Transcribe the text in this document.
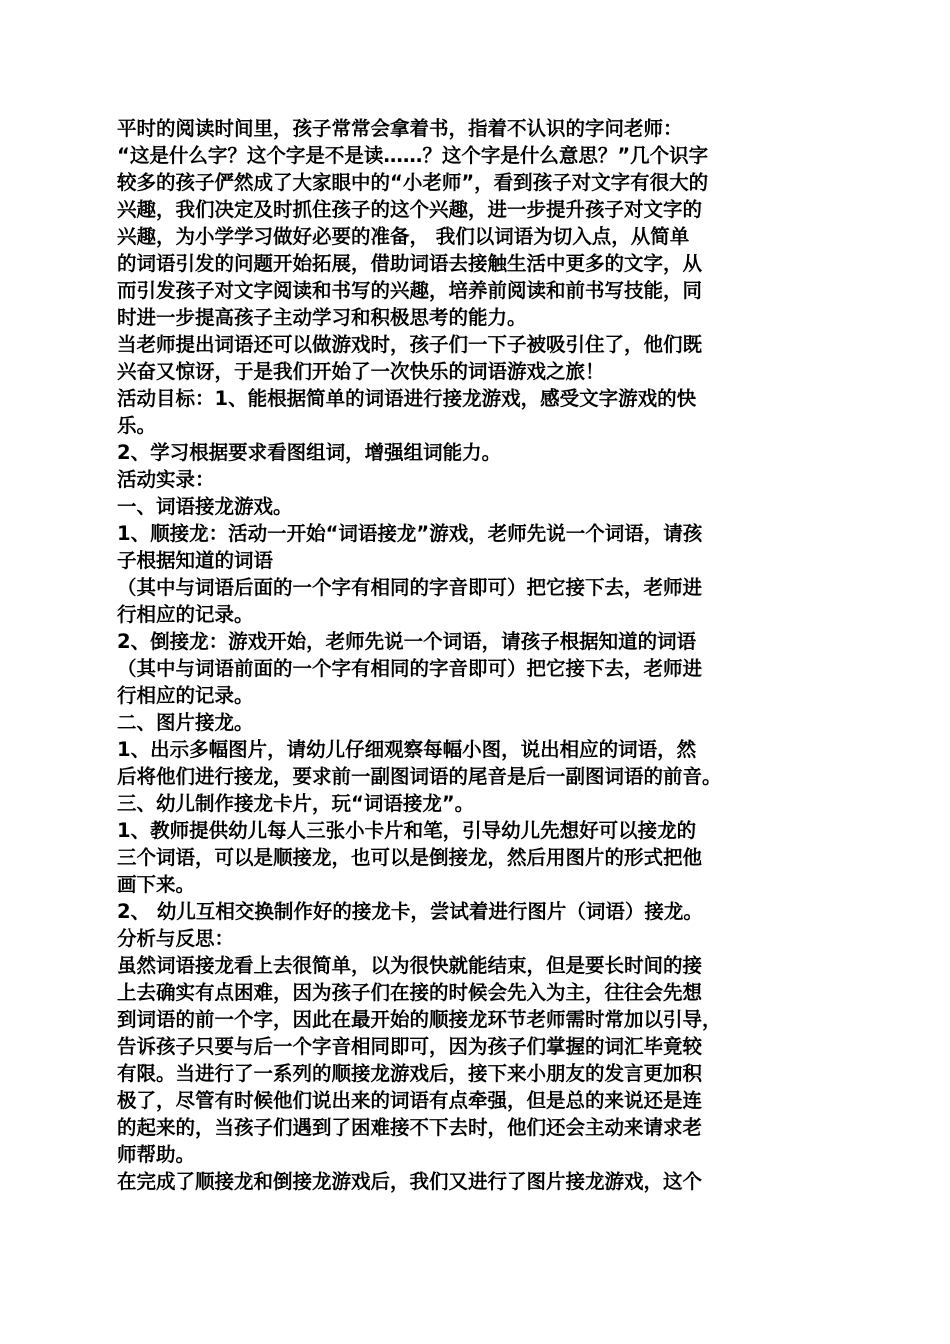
平时的阅读时间里，孩子常常会拿着书，指着不认识的字问老师：
“这是什么字？这个字是不是读……？这个字是什么意思？”几个识字
较多的孩子俨然成了大家眼中的“小老师”，看到孩子对文字有很大的
兴趣，我们决定及时抓住孩子的这个兴趣，进一步提升孩子对文字的
兴趣，为小学学习做好必要的准备， 我们以词语为切入点，从简单
的词语引发的问题开始拓展，借助词语去接触生活中更多的文字，从
而引发孩子对文字阅读和书写的兴趣，培养前阅读和前书写技能，同
时进一步提高孩子主动学习和积极思考的能力。
当老师提出词语还可以做游戏时，孩子们一下子被吸引住了，他们既
兴奋又惊讶，于是我们开始了一次快乐的词语游戏之旅！
活动目标：1、能根据简单的词语进行接龙游戏，感受文字游戏的快
乐。
2、学习根据要求看图组词，增强组词能力。
活动实录：
一、词语接龙游戏。
1、顺接龙：活动一开始“词语接龙”游戏，老师先说一个词语，请孩
子根据知道的词语
（其中与词语后面的一个字有相同的字音即可）把它接下去，老师进
行相应的记录。
2、倒接龙：游戏开始，老师先说一个词语，请孩子根据知道的词语
（其中与词语前面的一个字有相同的字音即可）把它接下去，老师进
行相应的记录。
二、图片接龙。
1、出示多幅图片，请幼儿仔细观察每幅小图，说出相应的词语，然
后将他们进行接龙，要求前一副图词语的尾音是后一副图词语的前音。
三、幼儿制作接龙卡片，玩“词语接龙”。
1、教师提供幼儿每人三张小卡片和笔，引导幼儿先想好可以接龙的
三个词语，可以是顺接龙，也可以是倒接龙，然后用图片的形式把他
画下来。
2、 幼儿互相交换制作好的接龙卡，尝试着进行图片（词语）接龙。
分析与反思：
虽然词语接龙看上去很简单，以为很快就能结束，但是要长时间的接
上去确实有点困难，因为孩子们在接的时候会先入为主，往往会先想
到词语的前一个字，因此在最开始的顺接龙环节老师需时常加以引导，
告诉孩子只要与后一个字音相同即可，因为孩子们掌握的词汇毕竟较
有限。当进行了一系列的顺接龙游戏后，接下来小朋友的发言更加积
极了，尽管有时候他们说出来的词语有点牵强，但是总的来说还是连
的起来的，当孩子们遇到了困难接不下去时，他们还会主动来请求老
师帮助。
在完成了顺接龙和倒接龙游戏后，我们又进行了图片接龙游戏，这个
